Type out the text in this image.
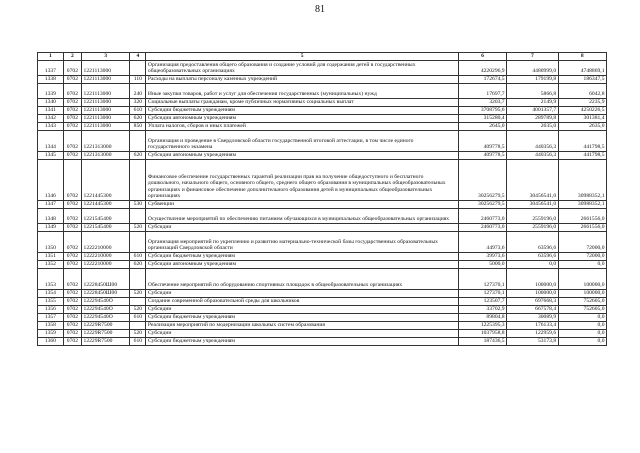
81
1	2	3	4	5	6	7	8
1337	0702	1221113000		Организация предоставления общего образования и создание условий для содержания детей в государственных общеобразовательных организациях	4220296,9	4480999,0	4748869,1
1338	0702	1221113000	110	Расходы на выплаты персоналу казенных учреждений	172674,5	179199,8	186347,5
1339	0702	1221113000	240	Иные закупки товаров, работ и услуг для обеспечения государственных (муниципальных) нужд	17697,7	5866,8	6042,8
1340	0702	1221113000	320	Социальные выплаты гражданам, кроме публичных нормативных социальных выплат	3203,7	2149,9	2235,9
1341	0702	1221113000	610	Субсидии бюджетным учреждениям	3708795,6	4001357,7	4250226,5
1342	0702	1221113000	620	Субсидии автономным учреждениям	315280,4	289789,8	301381,4
1343	0702	1221113000	850	Уплата налогов, сборов и иных платежей	2645,0	2635,0	2635,0
1344	0702	1221313000		Организация и проведение в Свердловской области государственной итоговой аттестации, в том числе единого государственного экзамена	409778,5	440356,3	441798,5
1345	0702	1221313000	620	Субсидии автономным учреждениям	409778,5	440356,3	441798,5
1346	0702	1221445300		Финансовое обеспечение государственных гарантий реализации прав на получение общедоступного и бесплатного дошкольного, начального общего, основного общего, среднего общего образования в муниципальных общеобразовательных организациях и финансовое обеспечение дополнительного образования детей в муниципальных общеобразовательных организациях	30256279,5	30456541,0	30988352,1
1347	0702	1221445300	530	Субвенции	30256279,5	30456541,0	30988352,1
1348	0702	1221545400		Осуществление мероприятий по обеспечению питанием обучающихся в муниципальных общеобразовательных организациях	2460773,0	2559196,0	2661556,0
1349	0702	1221545400	520	Субсидии	2460773,0	2559196,0	2661556,0
1350	0702	1222210000		Организация мероприятий по укреплению и развитию материально-технической базы государственных образовательных организаций Свердловской области	44973,6	63596,6	72000,0
1351	0702	1222210000	610	Субсидии бюджетным учреждениям	39973,6	63596,6	72000,0
1352	0702	1222210000	620	Субсидии автономным учреждениям	5000,0	0,0	0,0
1353	0702	12228450Ш00		Обеспечение мероприятий по оборудованию спортивных площадок в общеобразовательных организациях	127370,1	100000,0	100000,0
1354	0702	12228450Ш00	520	Субсидии	127370,1	100000,0	100000,0
1355	0702	122294540О		Создание современной образовательной среды для школьников	123507,7	697668,3	752605,0
1356	0702	122294540О	520	Субсидии	33702,9	667578,4	752605,0
1357	0702	122294540О	610	Субсидии бюджетным учреждениям	89804,8	30089,9	0,0
1358	0702	12229R7500		Реализация мероприятий по модернизации школьных систем образования	1225395,3	176133,4	0,0
1359	0702	12229R7500	520	Субсидии	1037958,8	122959,6	0,0
1360	0702	12229R7500	610	Субсидии бюджетным учреждениям	187436,5	53173,8	0,0
